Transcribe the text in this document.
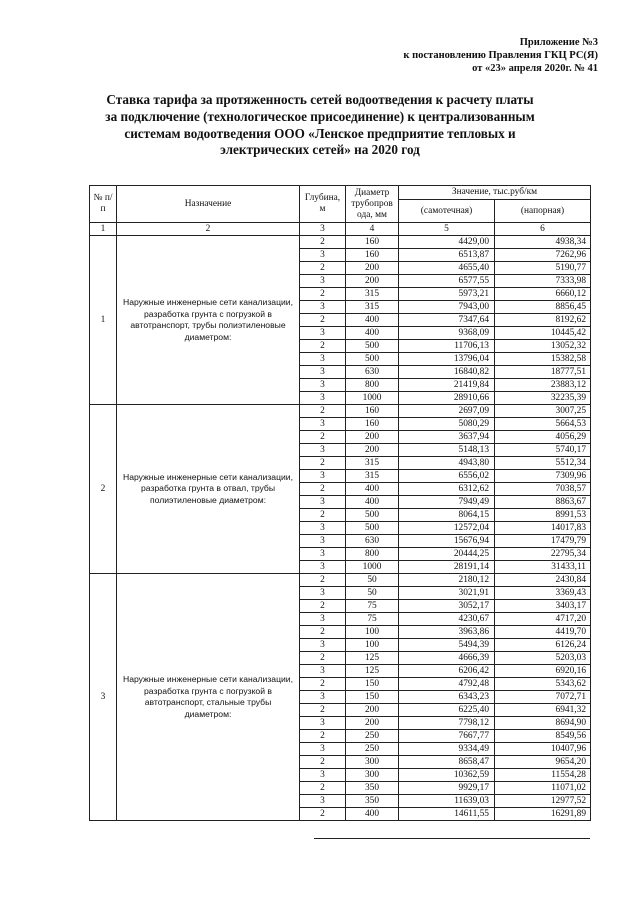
Приложение №3
к постановлению Правления ГКЦ РС(Я)
от «23» апреля 2020г. № 41
Ставка тарифа за протяженность сетей водоотведения к расчету платы
за подключение (технологическое присоединение) к централизованным
системам водоотведения ООО «Ленское предприятие тепловых и
электрических сетей» на 2020 год
№ п/п	Назначение	Глубина, м	Диаметр трубопров ода, мм	Значение, тыс.руб/км	
				(самотечная)	(напорная)
1	2	3	4	5	6
1	Наружные инженерные сети канализации, разработка грунта с погрузкой в автотранспорт, трубы полиэтиленовые диаметром:	2	160	4429,00	4938,34
		3	160	6513,87	7262,96
		2	200	4655,40	5190,77
		3	200	6577,55	7333,98
		2	315	5973,21	6660,12
		3	315	7943,00	8856,45
		2	400	7347,64	8192,62
		3	400	9368,09	10445,42
		2	500	11706,13	13052,32
		3	500	13796,04	15382,58
		3	630	16840,82	18777,51
		3	800	21419,84	23883,12
		3	1000	28910,66	32235,39
2	Наружные инженерные сети канализации, разработка грунта в отвал, трубы полиэтиленовые диаметром:	2	160	2697,09	3007,25
		3	160	5080,29	5664,53
		2	200	3637,94	4056,29
		3	200	5148,13	5740,17
		2	315	4943,80	5512,34
		3	315	6556,02	7309,96
		2	400	6312,62	7038,57
		3	400	7949,49	8863,67
		2	500	8064,15	8991,53
		3	500	12572,04	14017,83
		3	630	15676,94	17479,79
		3	800	20444,25	22795,34
		3	1000	28191,14	31433,11
3	Наружные инженерные сети канализации, разработка грунта с погрузкой в автотранспорт, стальные трубы диаметром:	2	50	2180,12	2430,84
		3	50	3021,91	3369,43
		2	75	3052,17	3403,17
		3	75	4230,67	4717,20
		2	100	3963,86	4419,70
		3	100	5494,39	6126,24
		2	125	4666,39	5203,03
		3	125	6206,42	6920,16
		2	150	4792,48	5343,62
		3	150	6343,23	7072,71
		2	200	6225,40	6941,32
		3	200	7798,12	8694,90
		2	250	7667,77	8549,56
		3	250	9334,49	10407,96
		2	300	8658,47	9654,20
		3	300	10362,59	11554,28
		2	350	9929,17	11071,02
		3	350	11639,03	12977,52
		2	400	14611,55	16291,89
